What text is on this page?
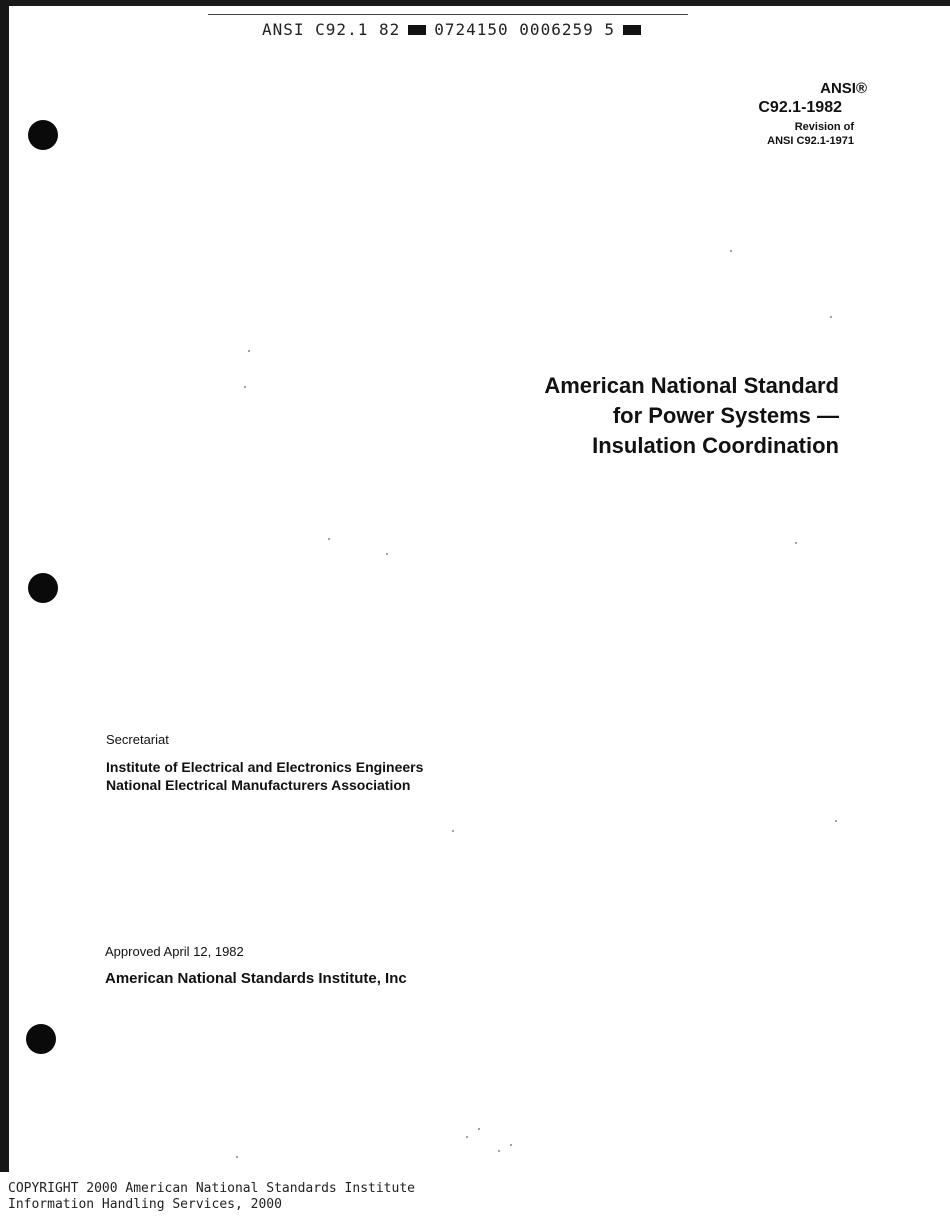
ANSI C92.1 82 0724150 0006259 5
ANSI®
C92.1-1982
Revision of
ANSI C92.1-1971
American National Standard
for Power Systems —
Insulation Coordination
Secretariat
Institute of Electrical and Electronics Engineers
National Electrical Manufacturers Association
Approved April 12, 1982
American National Standards Institute, Inc
COPYRIGHT 2000 American National Standards Institute
Information Handling Services, 2000
